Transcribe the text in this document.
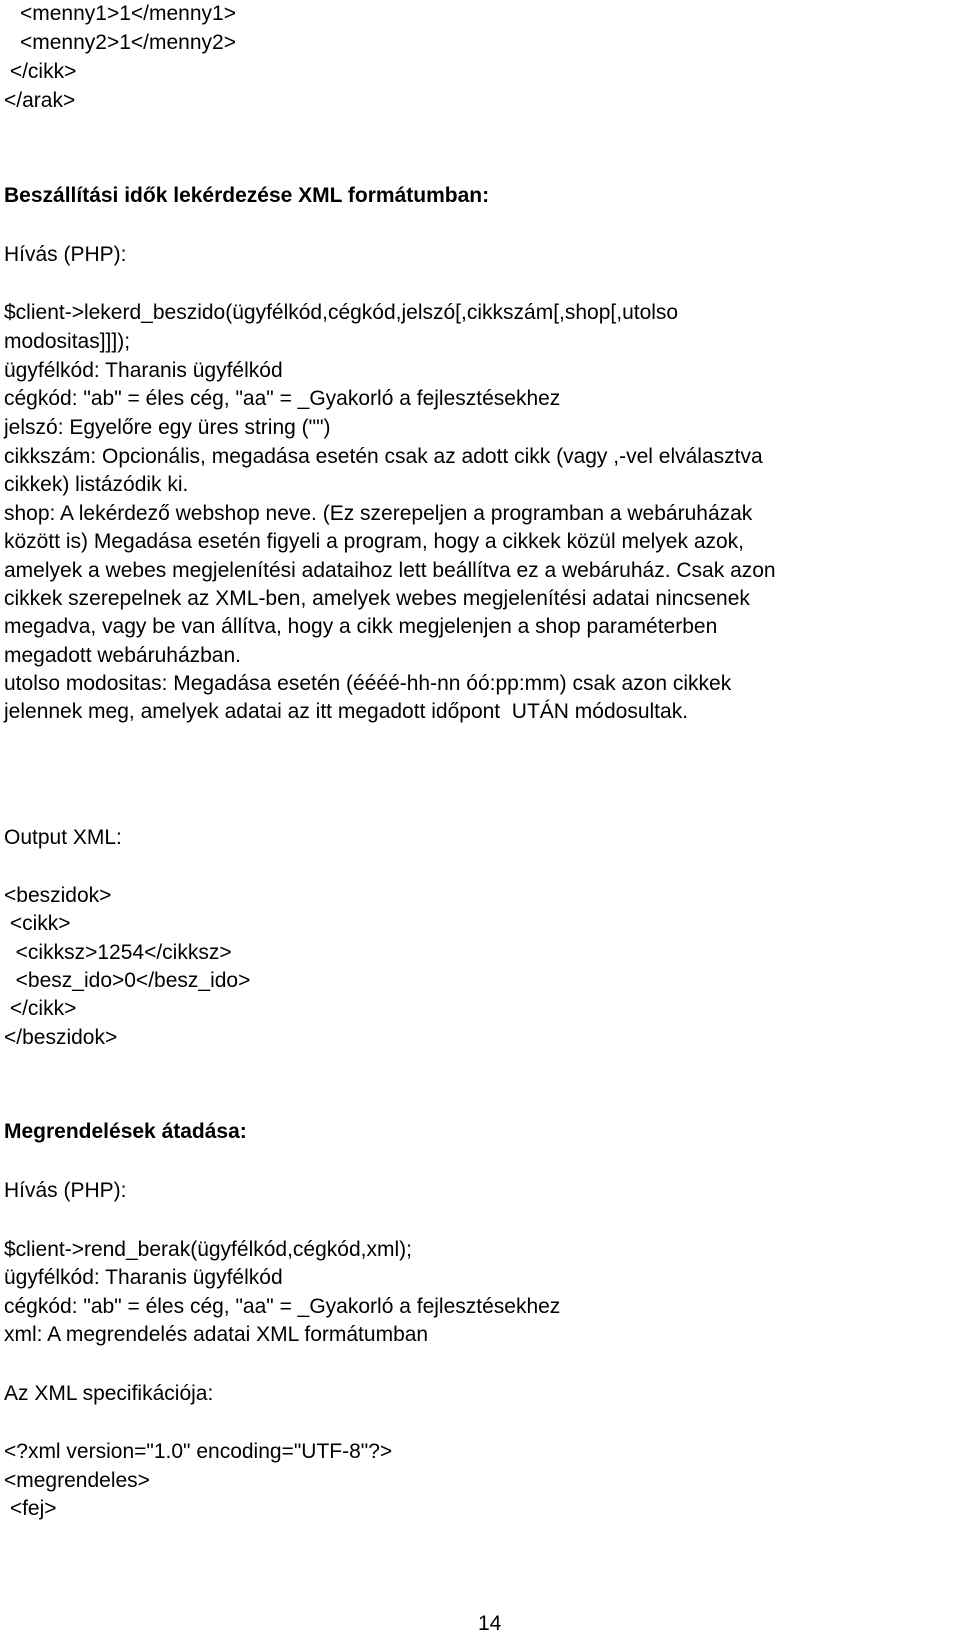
<menny1>1</menny1>
<menny2>1</menny2>
</cikk>
</arak>
Beszállítási idők lekérdezése XML formátumban:
Hívás (PHP):
$client->lekerd_beszido(ügyfélkód,cégkód,jelszó[,cikkszám[,shop[,utolso
modositas]]]);
ügyfélkód: Tharanis ügyfélkód
cégkód: "ab" = éles cég, "aa" = _Gyakorló a fejlesztésekhez
jelszó: Egyelőre egy üres string ("")
cikkszám: Opcionális, megadása esetén csak az adott cikk (vagy ,-vel elválasztva
cikkek) listázódik ki.
shop: A lekérdező webshop neve. (Ez szerepeljen a programban a webáruházak
között is) Megadása esetén figyeli a program, hogy a cikkek közül melyek azok,
amelyek a webes megjelenítési adataihoz lett beállítva ez a webáruház. Csak azon
cikkek szerepelnek az XML-ben, amelyek webes megjelenítési adatai nincsenek
megadva, vagy be van állítva, hogy a cikk megjelenjen a shop paraméterben
megadott webáruházban.
utolso modositas: Megadása esetén (éééé-hh-nn óó:pp:mm) csak azon cikkek
jelennek meg, amelyek adatai az itt megadott időpont  UTÁN módosultak.
Output XML:
<beszidok>
<cikk>
<cikksz>1254</cikksz>
<besz_ido>0</besz_ido>
</cikk>
</beszidok>
Megrendelések átadása:
Hívás (PHP):
$client->rend_berak(ügyfélkód,cégkód,xml);
ügyfélkód: Tharanis ügyfélkód
cégkód: "ab" = éles cég, "aa" = _Gyakorló a fejlesztésekhez
xml: A megrendelés adatai XML formátumban
Az XML specifikációja:
<?xml version="1.0" encoding="UTF-8"?>
<megrendeles>
<fej>
14
